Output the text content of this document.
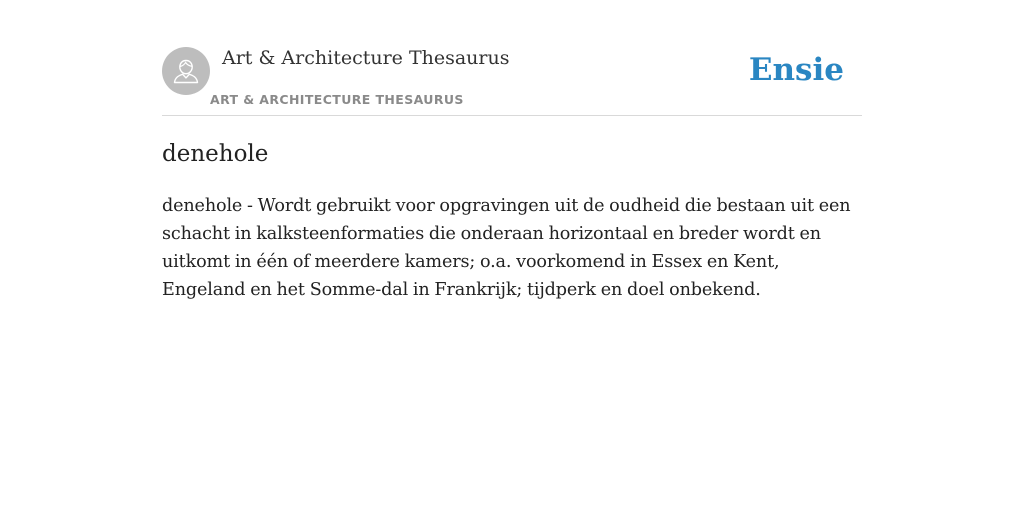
Art & Architecture Thesaurus
ART & ARCHITECTURE THESAURUS
Ensie
denehole

denehole - Wordt gebruikt voor opgravingen uit de oudheid die bestaan uit een schacht in kalksteenformaties die onderaan horizontaal en breder wordt en uitkomt in één of meerdere kamers; o.a. voorkomend in Essex en Kent, Engeland en het Somme-dal in Frankrijk; tijdperk en doel onbekend.
